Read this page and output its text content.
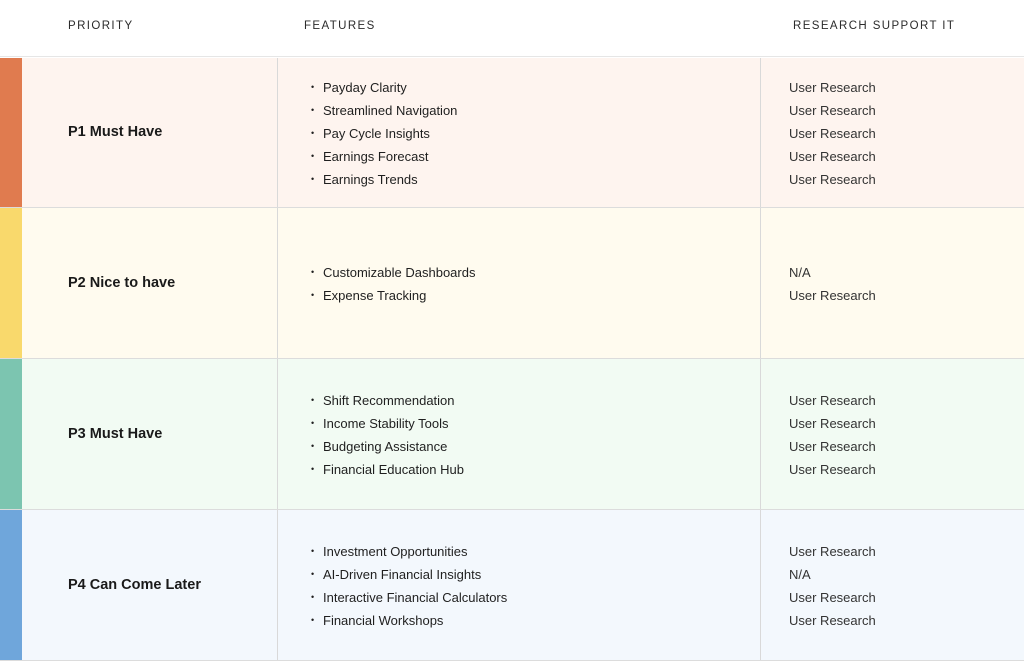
PRIORITY	FEATURES	RESEARCH SUPPORT IT
P1 Must Have
• Payday Clarity
• Streamlined Navigation
• Pay Cycle Insights
• Earnings Forecast
• Earnings Trends
User Research
User Research
User Research
User Research
User Research
P2 Nice to have
• Customizable Dashboards
• Expense Tracking
N/A
User Research
P3 Must Have
• Shift Recommendation
• Income Stability Tools
• Budgeting Assistance
• Financial Education Hub
User Research
User Research
User Research
User Research
P4 Can Come Later
• Investment Opportunities
• AI-Driven Financial Insights
• Interactive Financial Calculators
• Financial Workshops
User Research
N/A
User Research
User Research
